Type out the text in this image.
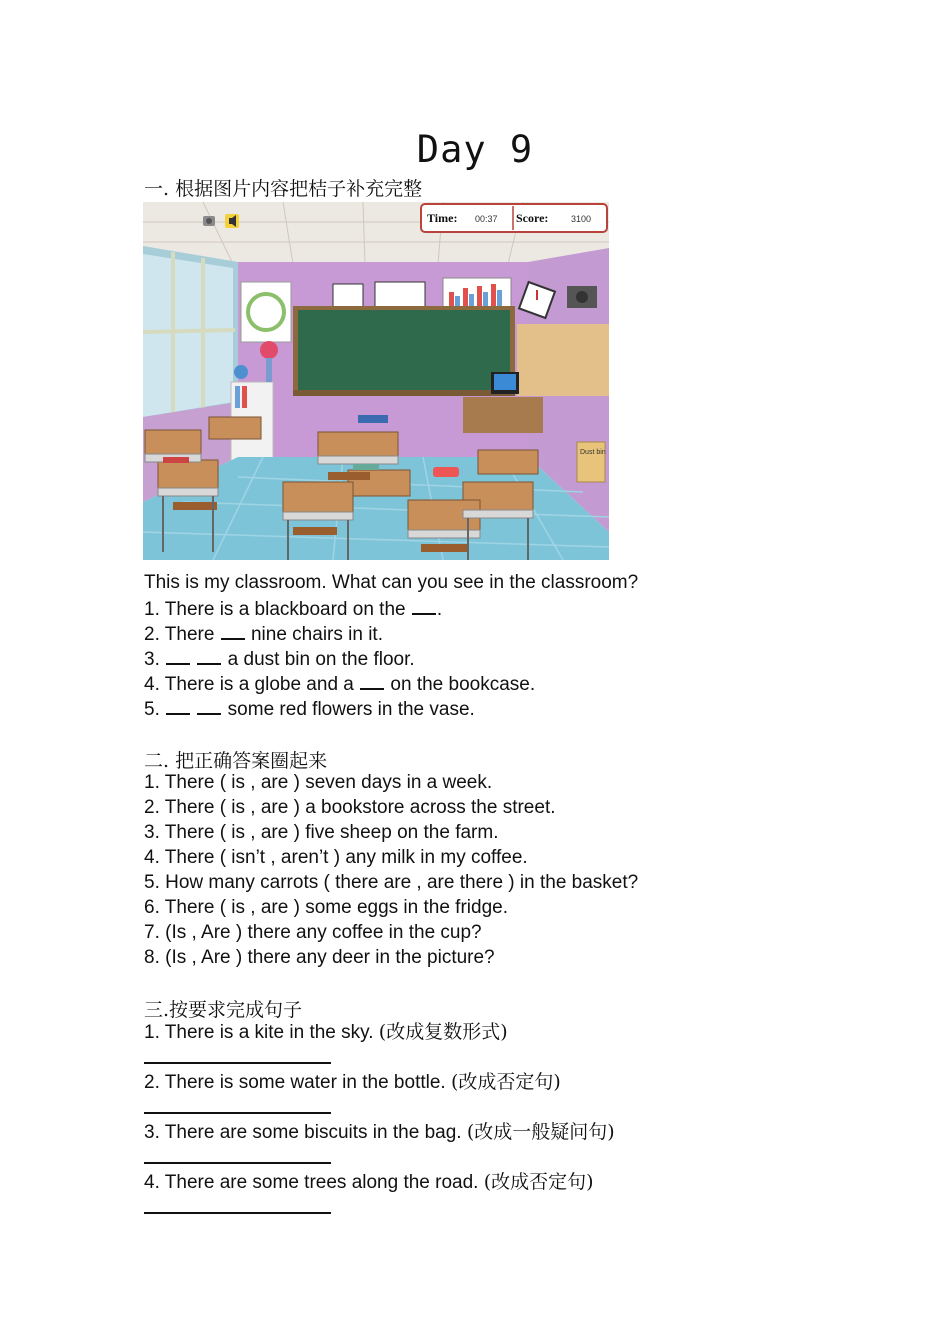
Day 9
一. 根据图片内容把桔子补充完整
Time: 00:37 Score:	3100
Dust bin
This is my classroom. What can you see in the classroom?
1. There is a blackboard on the .
2. There  nine chairs in it.
3.	a dust bin on the floor.
4. There is a globe and a  on the bookcase.
5.	some red flowers in the vase.
二. 把正确答案圈起来
1. There ( is , are ) seven days in a week.
2. There ( is , are ) a bookstore across the street.
3. There ( is , are ) five sheep on the farm.
4. There ( isn’t , aren’t ) any milk in my coffee.
5. How many carrots ( there are , are there ) in the basket?
6. There ( is , are ) some eggs in the fridge.
7. (Is , Are ) there any coffee in the cup?
8. (Is , Are ) there any deer in the picture?
三.按要求完成句子
1. There is a kite in the sky. (改成复数形式)
2. There is some water in the bottle. (改成否定句)
3. There are some biscuits in the bag. (改成一般疑问句)
4. There are some trees along the road. (改成否定句)
